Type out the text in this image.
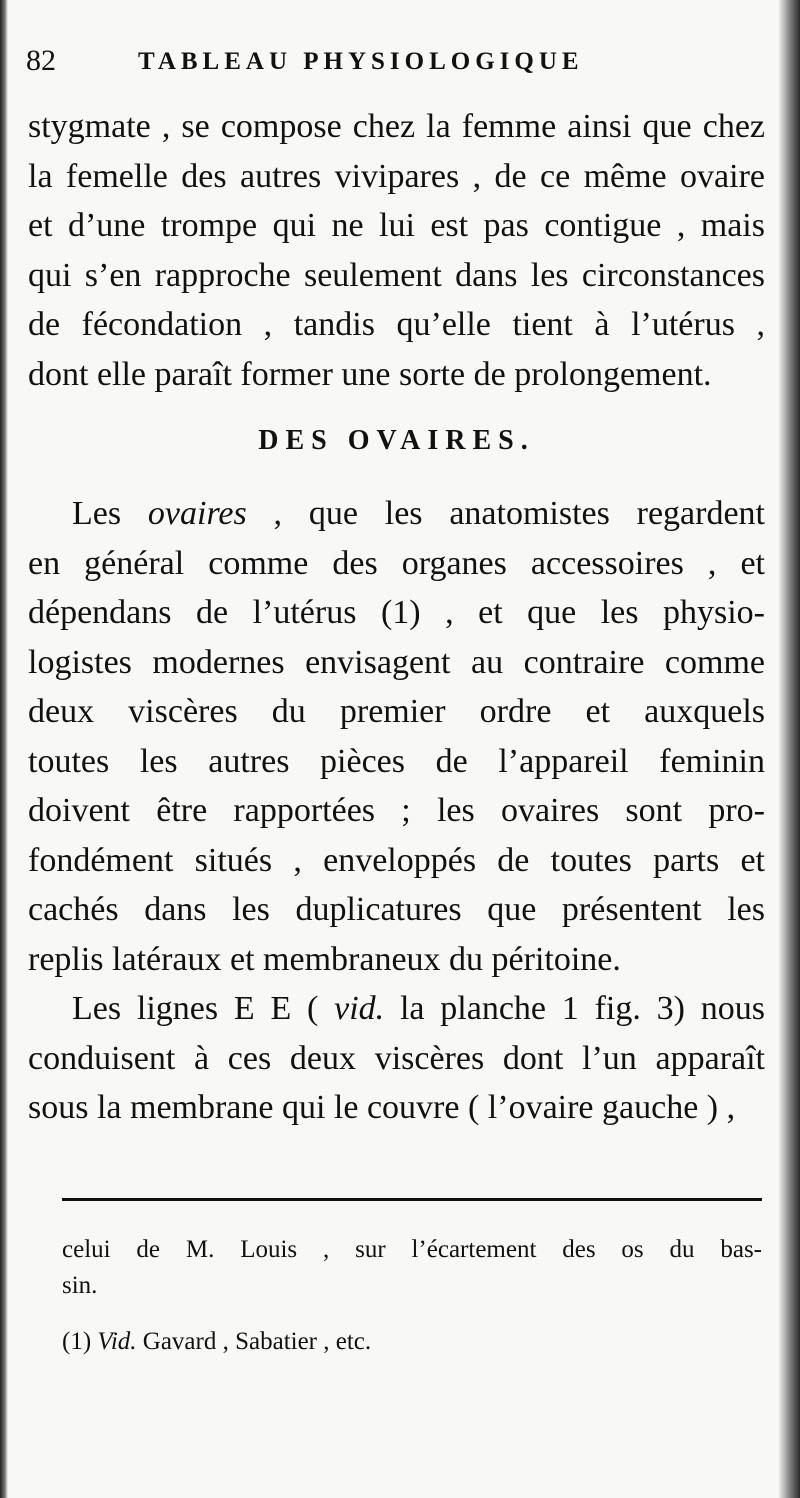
82	TABLEAU PHYSIOLOGIQUE

stygmate , se compose chez la femme ainsi que chez

la femelle des autres vivipares , de ce même ovaire

et d’une trompe qui ne lui est pas contigue , mais

qui s’en rapproche seulement dans les circonstances

de fécondation , tandis qu’elle tient à l’utérus ,

dont elle paraît former une sorte de prolongement.

DES OVAIRES.

Les ovaires , que les anatomistes regardent

en général comme des organes accessoires , et

dépendans de l’utérus (1) , et que les physio-

logistes modernes envisagent au contraire comme

deux viscères du premier ordre et auxquels

toutes les autres pièces de l’appareil feminin

doivent être rapportées ; les ovaires sont pro-

fondément situés , enveloppés de toutes parts et

cachés dans les duplicatures que présentent les

replis latéraux et membraneux du péritoine.

Les lignes E E ( vid. la planche 1 fig. 3) nous

conduisent à ces deux viscères dont l’un apparaît

sous la membrane qui le couvre ( l’ovaire gauche ) ,

celui de M. Louis , sur l’écartement des os du bas-

sin.

(1) Vid. Gavard , Sabatier , etc.
